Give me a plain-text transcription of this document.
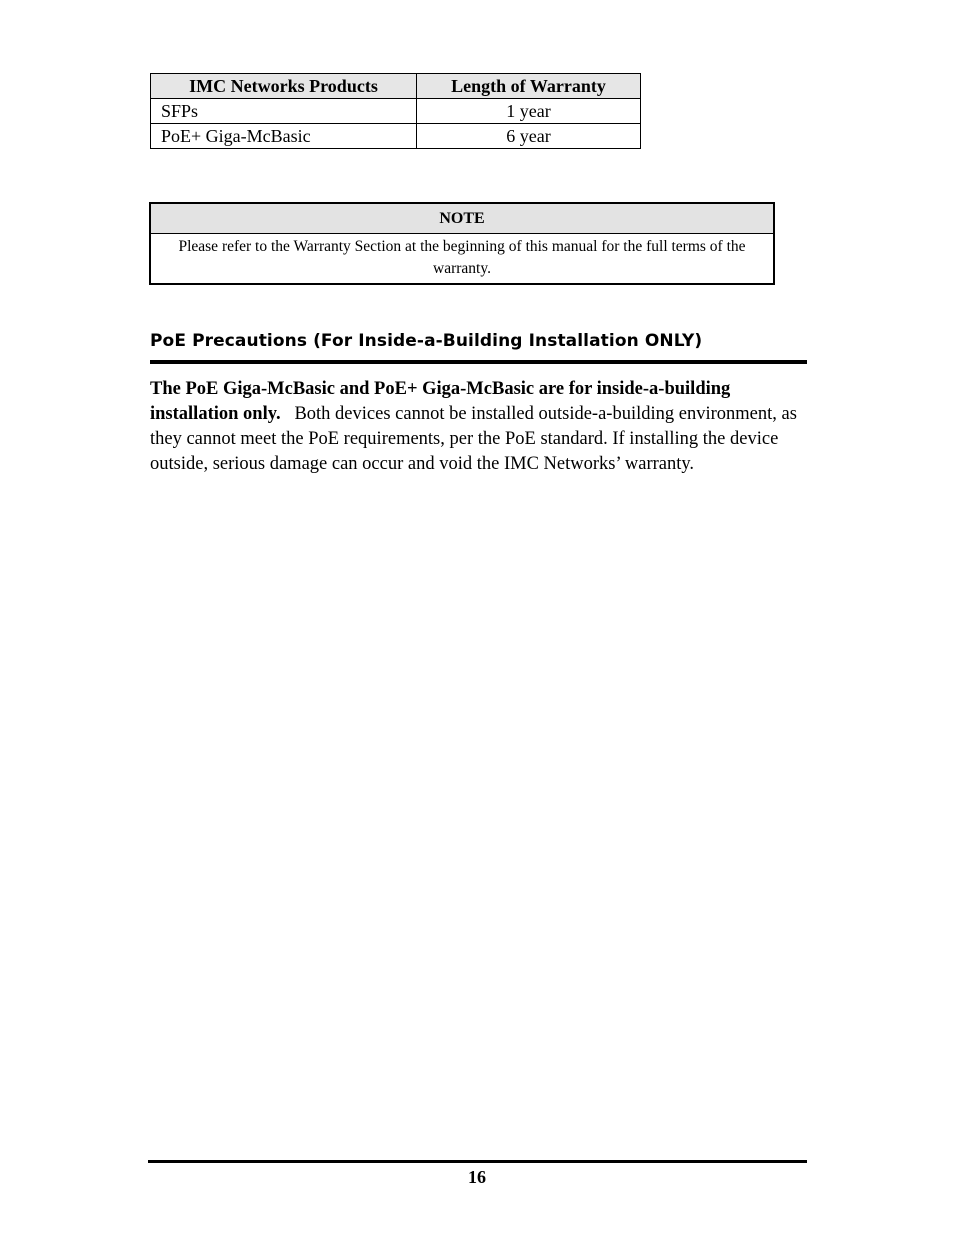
IMC Networks Products	Length of Warranty
SFPs	1 year
PoE+ Giga-McBasic	6 year
NOTE
Please refer to the Warranty Section at the beginning of this manual for the full terms of the warranty.
PoE Precautions (For Inside-a-Building Installation ONLY)

The PoE Giga-McBasic and PoE+ Giga-McBasic are for inside-a-building installation only. Both devices cannot be installed outside-a-building environment, as they cannot meet the PoE requirements, per the PoE standard. If installing the device outside, serious damage can occur and void the IMC Networks’ warranty.

16
